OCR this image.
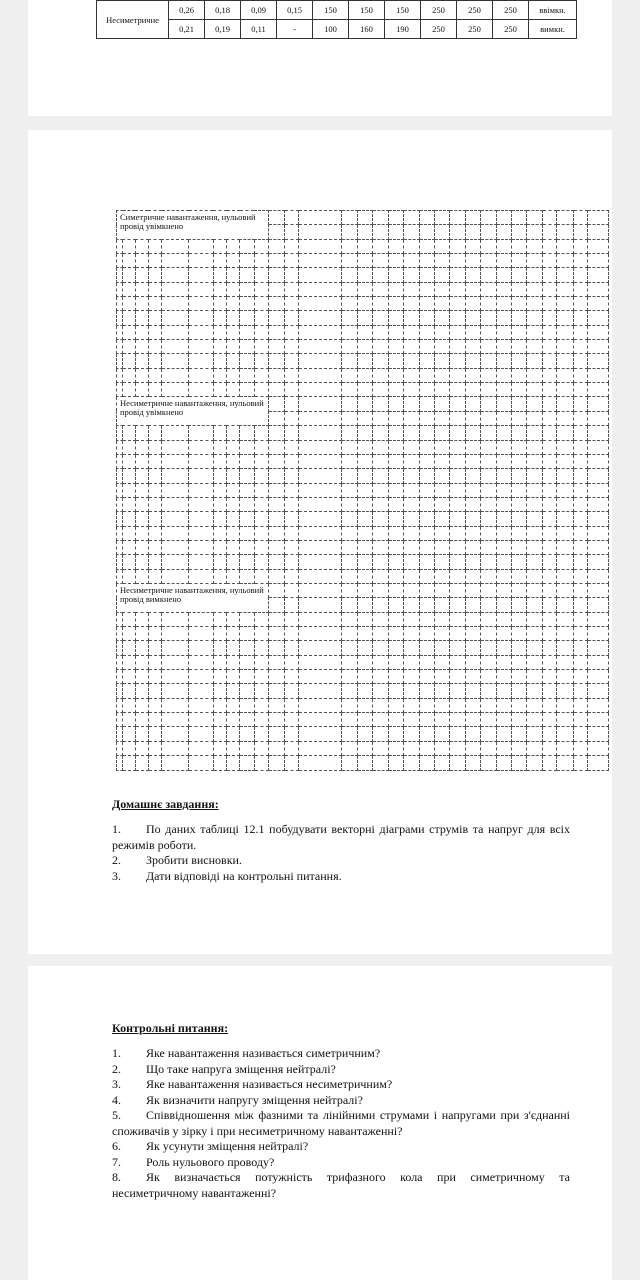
Несиметричне	0,26	0,18	0,09	0,15	150	150	150	250	250	250	ввімкн.
	0,21	0,19	0,11	-	100	160	190	250	250	250	вимкн.
Симетричне навантаження, нульовий провід увімкнено																													

Несиметричне навантаження, нульовий провід увімкнено																													

Несиметричне навантаження, нульовий провід вимкнено																													

Домашнє завдання:
1. По даних таблиці 12.1 побудувати векторні діаграми струмів та напруг для всіх режимів роботи.
2. Зробити висновки.
3. Дати відповіді на контрольні питання.
Контрольні питання:
1. Яке навантаження називається симетричним?
2. Що таке напруга зміщення нейтралі?
3. Яке навантаження називається несиметричним?
4. Як визначити напругу зміщення нейтралі?
5. Співвідношення між фазними та лінійними струмами і напругами при з'єднанні споживачів у зірку і при несиметричному навантаженні?
6. Як усунути зміщення нейтралі?
7. Роль нульового проводу?
8. Як визначається потужність трифазного кола при симетричному та несиметричному навантаженні?
